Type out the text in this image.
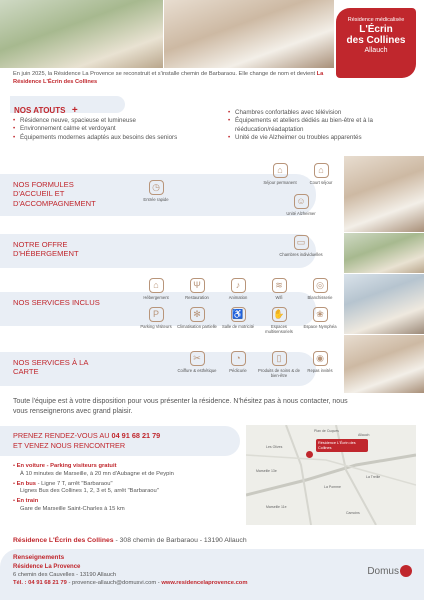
Résidence médicalisée
L'Écrin
des Collines
Allauch
En juin 2025, la Résidence La Provence se reconstruit et s'installe chemin de Barbaraou. Elle change de nom et devient La Résidence L'Écrin des Collines
NOS ATOUTS +
• Résidence neuve, spacieuse et lumineuse
• Environnement calme et verdoyant
• Équipements modernes adaptés aux besoins des seniors
• Chambres confortables avec télévision
• Équipements et ateliers dédiés au bien-être et à la rééducation/réadaptation
• Unité de vie Alzheimer ou troubles apparentés
NOS FORMULES D'ACCUEIL ET D'ACCOMPAGNEMENT
NOTRE OFFRE D'HÉBERGEMENT
NOS SERVICES INCLUS
NOS SERVICES À LA CARTE
◷
Entrée rapide
⌂
Séjour permanent
⌂
Court séjour
☺
Unité Alzheimer
▭
Chambres individuelles
⌂
Hébergement
Ψ
Restauration
♪
Animation
≋
Wifi
◎
Blanchisserie
P
Parking Visiteurs
✻
Climatisation partielle
♿
Salle de motricité
✋
Espaces multisensoriels
❀
Espace Nymphéa
✂
Coiffure & esthétique
◔
Pédicurie
▯
Produits de soins & de bien-être
◉
Repas invités
Toute l'équipe est à votre disposition pour vous présenter la résidence. N'hésitez pas à nous contacter, nous vous renseignerons avec grand plaisir.
PRENEZ RENDEZ-VOUS AU 04 91 68 21 79
ET VENEZ NOUS RENCONTRER
• En voiture - Parking visiteurs gratuit
À 10 minutes de Marseille, à 20 mn d'Aubagne et de Peypin
• En bus - Ligne 7 T, arrêt "Barbaraou"
Lignes Bus des Collines 1, 2, 3 et 5, arrêt "Barbaraou"
• En train
Gare de Marseille Saint-Charles à 15 km
Résidence L'Écrin des Collines
Plan de Cuques
Allauch
Les Olives
Marseille 13e
Marseille 11e
La Pomme
La Treille
Camoins
Résidence L'Écrin des Collines - 308 chemin de Barbaraou - 13190 Allauch
Renseignements
Résidence La Provence
6 chemin des Cauvelles - 13190 Allauch
Tél. : 04 91 68 21 79 - provence-allauch@domusvi.com - www.residencelaprovence.com
Domus
